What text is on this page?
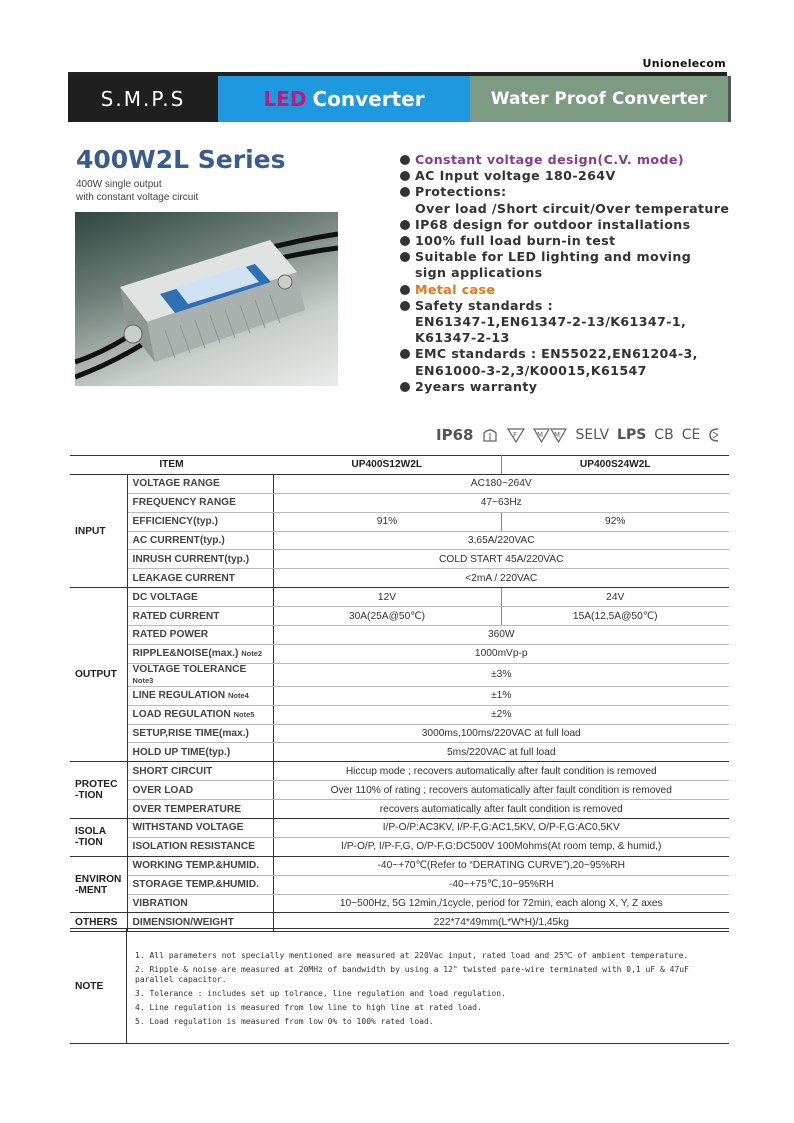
Unionelecom
S.M.P.S	LED Converter	Water Proof Converter
400W2L Series
400W single output
with constant voltage circuit
Constant voltage design(C.V. mode)
AC Input voltage 180-264V
Protections:
Over load /Short circuit/Over temperature
IP68 design for outdoor installations
100% full load burn-in test
Suitable for LED lighting and moving
sign applications
Metal case
Safety standards :
EN61347-1,EN61347-2-13/K61347-1,
K61347-2-13
EMC standards : EN55022,EN61204-3,
EN61000-3-2,3/K00015,K61547
2years warranty
IP68	F	M M SELV LPS CB CE
ITEM		UP400S12W2L	UP400S24W2L
INPUT	VOLTAGE RANGE	AC180~264V	
	FREQUENCY RANGE	47~63Hz	
	EFFICIENCY(typ.)	91%	92%
	AC CURRENT(typ.)	3,65A/220VAC	
	INRUSH CURRENT(typ.)	COLD START 45A/220VAC	
	LEAKAGE CURRENT	<2mA / 220VAC	
OUTPUT	DC VOLTAGE	12V	24V
	RATED CURRENT	30A(25A@50℃)	15A(12,5A@50℃)
	RATED POWER	360W	
	RIPPLE&NOISE(max.) Note2	1000mVp-p	
	VOLTAGE TOLERANCE Note3	±3%	
	LINE REGULATION Note4	±1%	
	LOAD REGULATION Note5	±2%	
	SETUP,RISE TIME(max.)	3000ms,100ms/220VAC at full load	
	HOLD UP TIME(typ.)	5ms/220VAC at full load	
PROTEC
-TION	SHORT CIRCUIT	Hiccup mode ; recovers automatically after fault condition is removed	
	OVER LOAD	Over 110% of rating ; recovers automatically after fault condition is removed	
	OVER TEMPERATURE	recovers automatically after fault condition is removed	
ISOLA
-TION	WITHSTAND VOLTAGE	I/P-O/P:AC3KV, I/P-F,G:AC1,5KV, O/P-F,G:AC0,5KV	
	ISOLATION RESISTANCE	I/P-O/P, I/P-F,G, O/P-F,G:DC500V 100Mohms(At room temp, & humid,)	
ENVIRON
-MENT	WORKING TEMP.&HUMID.	-40~+70℃(Refer to “DERATING CURVE”),20~95%RH	
	STORAGE TEMP.&HUMID.	-40~+75℃,10~95%RH	
	VIBRATION	10~500Hz, 5G 12min,/1cycle, period for 72min, each along X, Y, Z axes	
OTHERS	DIMENSION/WEIGHT	222*74*49mm(L*W*H)/1,45kg	
NOTE
1. All parameters not specially mentioned are measured at 220Vac input, rated load and 25℃ of ambient temperature.
2. Ripple & noise are measured at 20MHz of bandwidth by using a 12" twisted pare-wire terminated with 0,1 uF & 47uF parallel capacitor.
3. Tolerance : includes set up tolrance, line regulation and load regulation.
4. Line regulation is measured from low line to high line at rated load.
5. Load regulation is measured from low 0% to 100% rated load.
